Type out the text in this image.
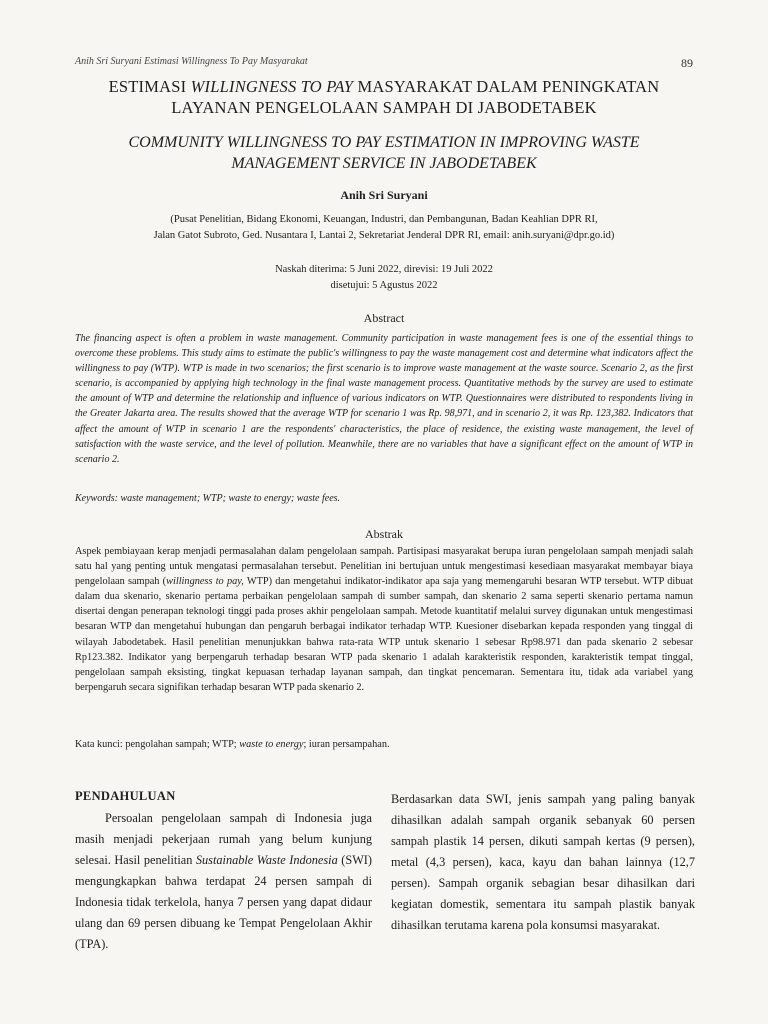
Anih Sri Suryani Estimasi Willingness To Pay Masyarakat	89
ESTIMASI WILLINGNESS TO PAY MASYARAKAT DALAM PENINGKATAN
LAYANAN PENGELOLAAN SAMPAH DI JABODETABEK
COMMUNITY WILLINGNESS TO PAY ESTIMATION IN IMPROVING WASTE
MANAGEMENT SERVICE IN JABODETABEK
Anih Sri Suryani
(Pusat Penelitian, Bidang Ekonomi, Keuangan, Industri, dan Pembangunan, Badan Keahlian DPR RI,
Jalan Gatot Subroto, Ged. Nusantara I, Lantai 2, Sekretariat Jenderal DPR RI, email: anih.suryani@dpr.go.id)
Naskah diterima: 5 Juni 2022, direvisi: 19 Juli 2022
disetujui: 5 Agustus 2022
Abstract

The financing aspect is often a problem in waste management. Community participation in waste management fees is one of the essential things to overcome these problems. This study aims to estimate the public's willingness to pay the waste management cost and determine what indicators affect the willingness to pay (WTP). WTP is made in two scenarios; the first scenario is to improve waste management at the waste source. Scenario 2, as the first scenario, is accompanied by applying high technology in the final waste management process. Quantitative methods by the survey are used to estimate the amount of WTP and determine the relationship and influence of various indicators on WTP. Questionnaires were distributed to respondents living in the Greater Jakarta area. The results showed that the average WTP for scenario 1 was Rp. 98,971, and in scenario 2, it was Rp. 123,382. Indicators that affect the amount of WTP in scenario 1 are the respondents' characteristics, the place of residence, the existing waste management, the level of satisfaction with the waste service, and the level of pollution. Meanwhile, there are no variables that have a significant effect on the amount of WTP in scenario 2.

Keywords: waste management; WTP; waste to energy; waste fees.
Abstrak

Aspek pembiayaan kerap menjadi permasalahan dalam pengelolaan sampah. Partisipasi masyarakat berupa iuran pengelolaan sampah menjadi salah satu hal yang penting untuk mengatasi permasalahan tersebut. Penelitian ini bertujuan untuk mengestimasi kesediaan masyarakat membayar biaya pengelolaan sampah (willingness to pay, WTP) dan mengetahui indikator-indikator apa saja yang memengaruhi besaran WTP tersebut. WTP dibuat dalam dua skenario, skenario pertama perbaikan pengelolaan sampah di sumber sampah, dan skenario 2 sama seperti skenario pertama namun disertai dengan penerapan teknologi tinggi pada proses akhir pengelolaan sampah. Metode kuantitatif melalui survey digunakan untuk mengestimasi besaran WTP dan mengetahui hubungan dan pengaruh berbagai indikator terhadap WTP. Kuesioner disebarkan kepada responden yang tinggal di wilayah Jabodetabek. Hasil penelitian menunjukkan bahwa rata-rata WTP untuk skenario 1 sebesar Rp98.971 dan pada skenario 2 sebesar Rp123.382. Indikator yang berpengaruh terhadap besaran WTP pada skenario 1 adalah karakteristik responden, karakteristik tempat tinggal, pengelolaan sampah eksisting, tingkat kepuasan terhadap layanan sampah, dan tingkat pencemaran. Sementara itu, tidak ada variabel yang berpengaruh secara signifikan terhadap besaran WTP pada skenario 2.

Kata kunci: pengolahan sampah; WTP; waste to energy; iuran persampahan.
PENDAHULUAN

Persoalan pengelolaan sampah di Indonesia juga masih menjadi pekerjaan rumah yang belum kunjung selesai. Hasil penelitian Sustainable Waste Indonesia (SWI) mengungkapkan bahwa terdapat 24 persen sampah di Indonesia tidak terkelola, hanya 7 persen yang dapat didaur ulang dan 69 persen dibuang ke Tempat Pengelolaan Akhir (TPA).

Berdasarkan data SWI, jenis sampah yang paling banyak dihasilkan adalah sampah organik sebanyak 60 persen sampah plastik 14 persen, dikuti sampah kertas (9 persen), metal (4,3 persen), kaca, kayu dan bahan lainnya (12,7 persen). Sampah organik sebagian besar dihasilkan dari kegiatan domestik, sementara itu sampah plastik banyak dihasilkan terutama karena pola konsumsi masyarakat.
